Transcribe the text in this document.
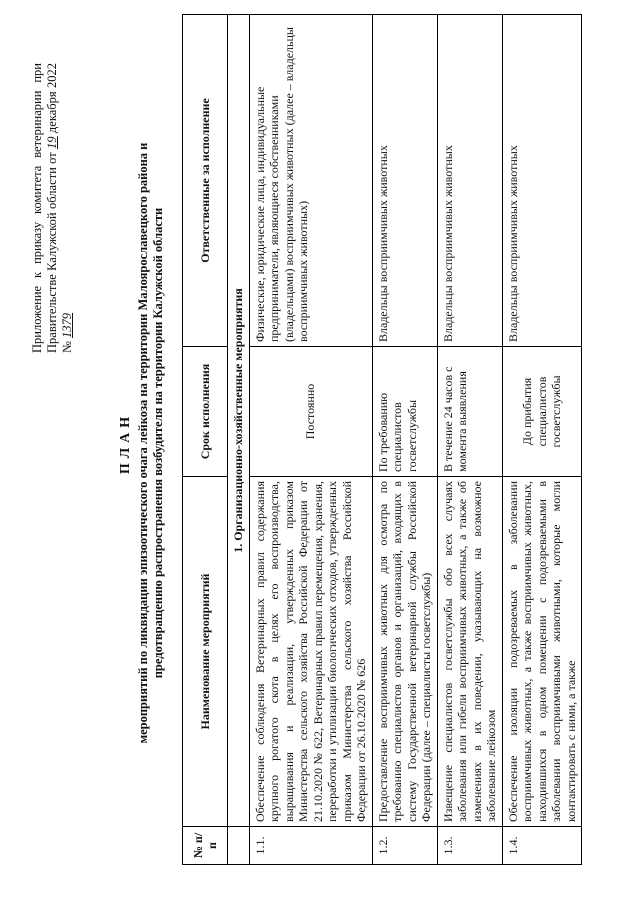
Приложение к приказу комитета ветеринарии при Правительстве Калужской области от 19 декабря 2022 № 1379
ПЛАН мероприятий по ликвидации эпизоотического очага лейкоза на территории Малоярославецкого района и предотвращению распространения возбудителя на территории Калужской области
№ п/п	Наименование мероприятий	Срок исполнения	Ответственные за исполнение
	1. Организационно-хозяйственные мероприятия		
1.1.	Обеспечение соблюдения Ветеринарных правил содержания крупного рогатого скота в целях его воспроизводства, выращивания и реализации, утвержденных приказом Министерства сельского хозяйства Российской Федерации от 21.10.2020 № 622, Ветеринарных правил перемещения, хранения, переработки и утилизации биологических отходов, утвержденных приказом Министерства сельского хозяйства Российской Федерации от 26.10.2020 № 626	Постоянно	Физические, юридические лица, индивидуальные предприниматели, являющиеся собственниками (владельцами) восприимчивых животных (далее – владельцы восприимчивых животных)
1.2.	Предоставление восприимчивых животных для осмотра по требованию специалистов органов и организаций, входящих в систему Государственной ветеринарной службы Российской Федерации (далее – специалисты госветслужбы)	По требованию специалистов госветслужбы	Владельцы восприимчивых животных
1.3.	Извещение специалистов госветслужбы обо всех случаях заболевания или гибели восприимчивых животных, а также об изменениях в их поведении, указывающих на возможное заболевание лейкозом	В течение 24 часов с момента выявления	Владельцы восприимчивых животных
1.4.	Обеспечение изоляции подозреваемых в заболевании восприимчивых животных, а также восприимчивых животных, находившихся в одном помещении с подозреваемыми в заболевании восприимчивыми животными, которые могли контактировать с ними, а также	До прибытия специалистов госветслужбы	Владельцы восприимчивых животных
